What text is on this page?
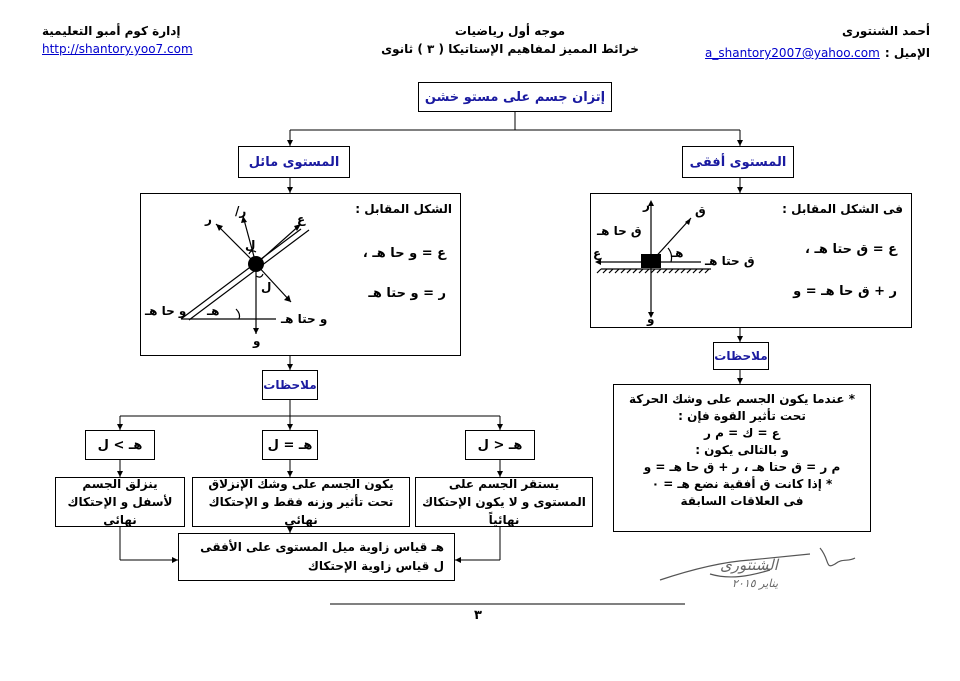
أحمد الشنتورى
الإميل : a_shantory2007@yahoo.com
موجه أول رياضيات
خرائط المميز لمفاهيم الإستاتيكا ( ٣ ) ثانوى
إدارة كوم أمبو التعليمية
http://shantory.yoo7.com
إتزان جسم على مستو خشن
المستوى مائل	المستوى أفقى
الشكل المقابل :
ع = و حا هـ ،
ر = و حتا هـ
ر
ر/
ع
ل
ل
و حا هـ هـ
و حتا هـ
و
فى الشكل المقابل :
ع = ق حتا هـ ،
ر + ق حا هـ = و
ر	ق
ق حا هـ
ق حتا هـ
ع	هـ
و
ملاحظات
ملاحظات
* عندما يكون الجسم على وشك الحركة
تحت تأثير القوة فإن :
ع = ك = م ر
و بالتالى يكون :
م ر = ق حتا هـ ، ر + ق حا هـ = و
* إذا كانت ق أفقية نضع هـ = ٠
فى العلاقات السابقة
هـ > ل	هـ = ل	هـ < ل
ينزلق الجسم لأسفل و الإحتكاك نهائى
يكون الجسم على وشك الإنزلاق تحت تأثير وزنه فقط و الإحتكاك نهائى
يستقر الجسم على المستوى و لا يكون الإحتكاك نهائياً
هـ قياس زاوية ميل المستوى على الأفقى
ل قياس زاوية الإحتكاك	الشنتورى
يناير ٢٠١٥
٣
